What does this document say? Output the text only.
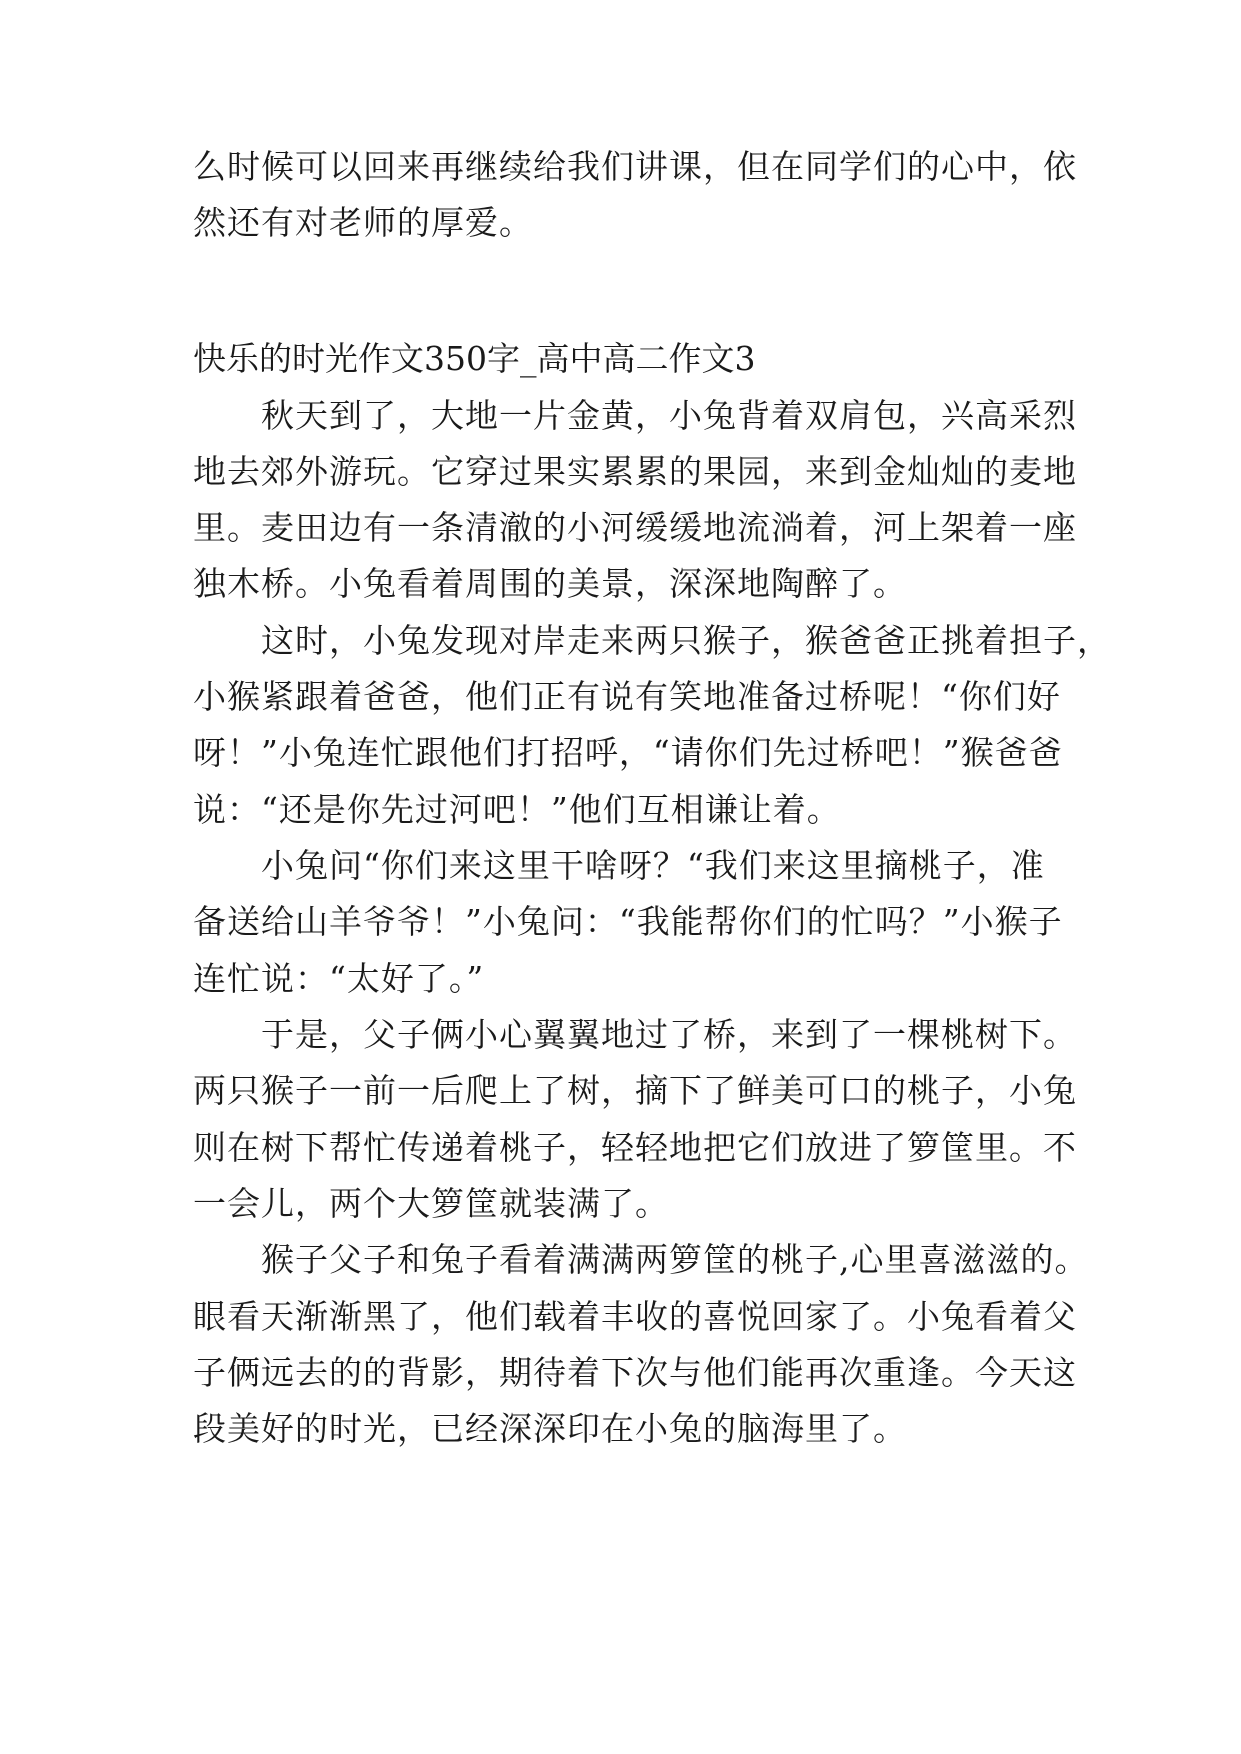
么时候可以回来再继续给我们讲课，但在同学们的心中，依
然还有对老师的厚爱。
快乐的时光作文350字_高中高二作文3
　　秋天到了，大地一片金黄，小兔背着双肩包，兴高采烈
地去郊外游玩。它穿过果实累累的果园，来到金灿灿的麦地
里。麦田边有一条清澈的小河缓缓地流淌着，河上架着一座
独木桥。小兔看着周围的美景，深深地陶醉了。
　　这时，小兔发现对岸走来两只猴子，猴爸爸正挑着担子，
小猴紧跟着爸爸，他们正有说有笑地准备过桥呢！“你们好
呀！”小兔连忙跟他们打招呼，“请你们先过桥吧！”猴爸爸
说：“还是你先过河吧！”他们互相谦让着。
　　小兔问“你们来这里干啥呀？“我们来这里摘桃子，准
备送给山羊爷爷！”小兔问：“我能帮你们的忙吗？”小猴子
连忙说：“太好了。”
　　于是，父子俩小心翼翼地过了桥，来到了一棵桃树下。
两只猴子一前一后爬上了树，摘下了鲜美可口的桃子，小兔
则在树下帮忙传递着桃子，轻轻地把它们放进了箩筐里。不
一会儿，两个大箩筐就装满了。
　　猴子父子和兔子看着满满两箩筐的桃子,心里喜滋滋的。
眼看天渐渐黑了，他们载着丰收的喜悦回家了。小兔看着父
子俩远去的的背影，期待着下次与他们能再次重逢。今天这
段美好的时光，已经深深印在小兔的脑海里了。
